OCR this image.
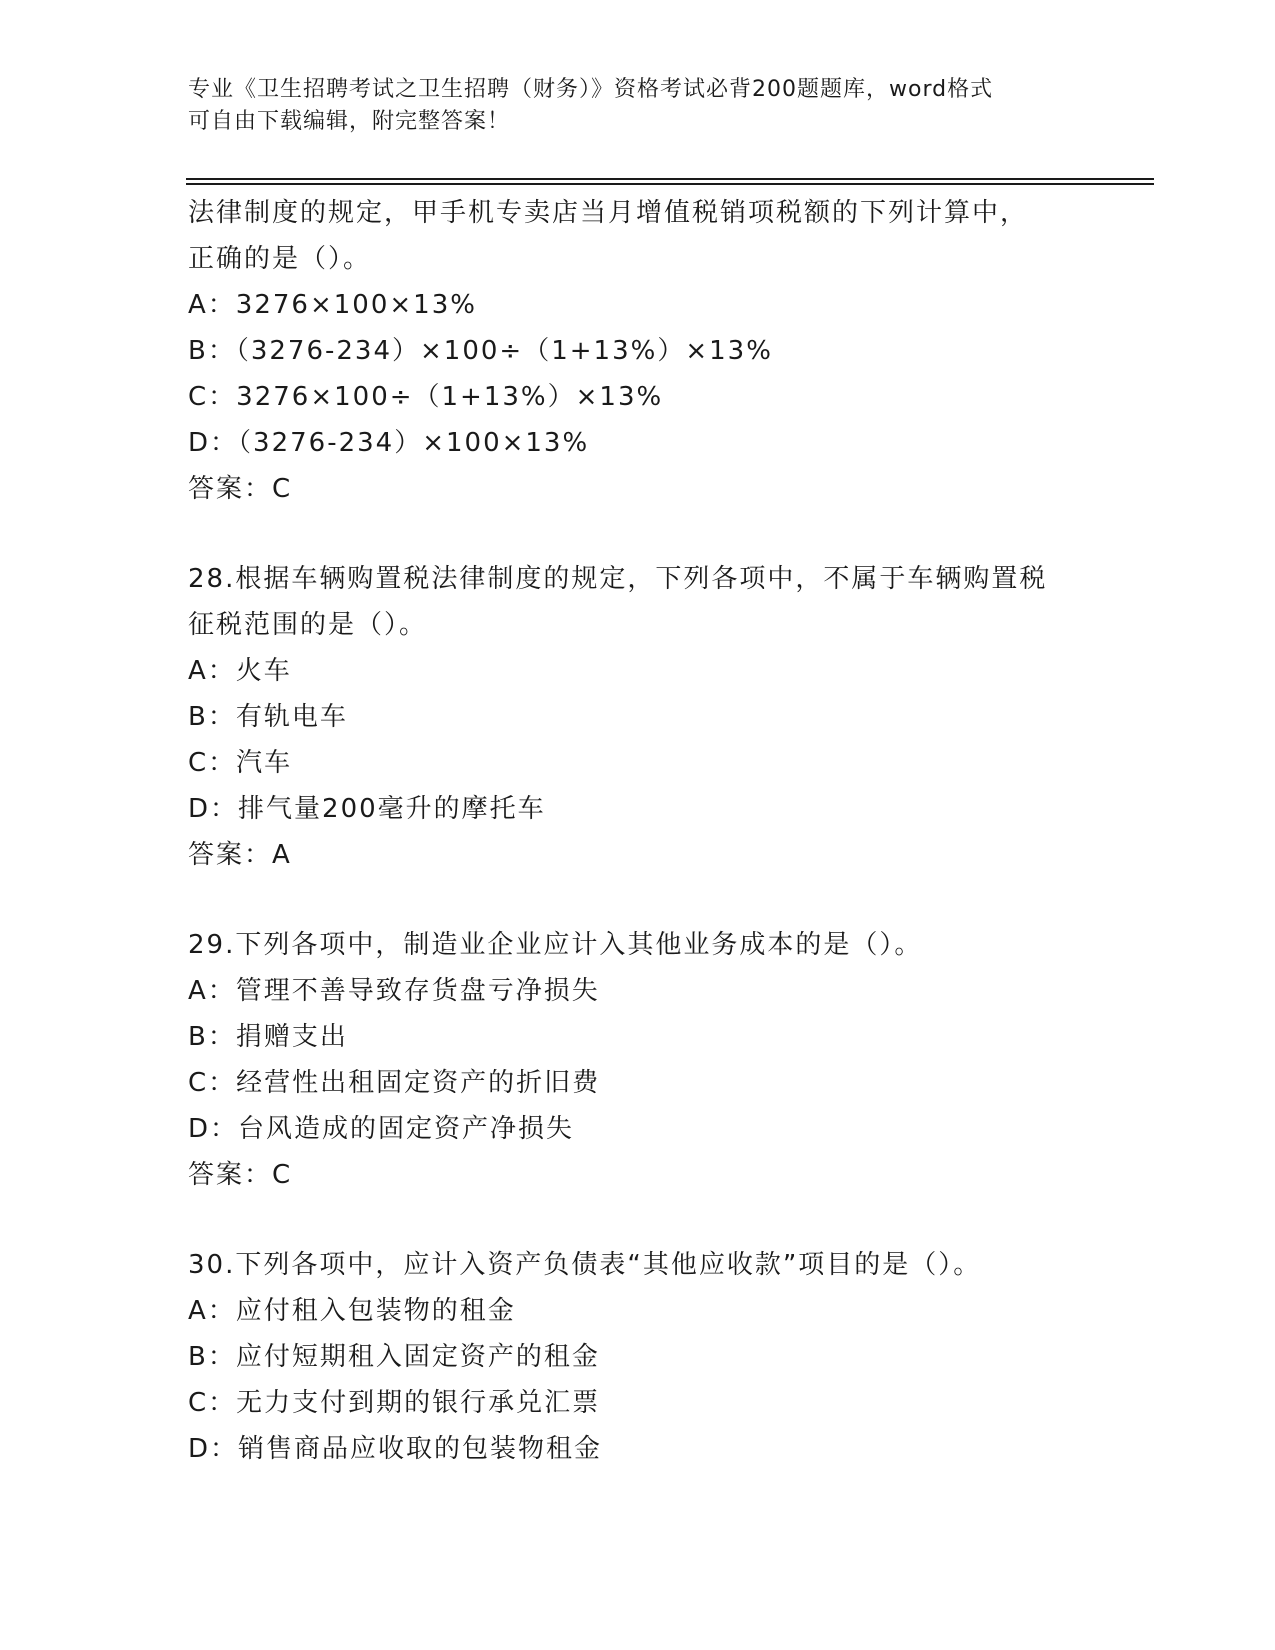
专业《卫生招聘考试之卫生招聘（财务）》资格考试必背200题题库，word格式
可自由下载编辑，附完整答案！
法律制度的规定，甲手机专卖店当月增值税销项税额的下列计算中，
正确的是（）。
A：3276×100×13%
B：（3276-234）×100÷（1+13%）×13%
C：3276×100÷（1+13%）×13%
D：（3276-234）×100×13%
答案：C
28.根据车辆购置税法律制度的规定，下列各项中，不属于车辆购置税
征税范围的是（）。
A：火车
B：有轨电车
C：汽车
D：排气量200毫升的摩托车
答案：A
29.下列各项中，制造业企业应计入其他业务成本的是（）。
A：管理不善导致存货盘亏净损失
B：捐赠支出
C：经营性出租固定资产的折旧费
D：台风造成的固定资产净损失
答案：C
30.下列各项中，应计入资产负债表“其他应收款”项目的是（）。
A：应付租入包装物的租金
B：应付短期租入固定资产的租金
C：无力支付到期的银行承兑汇票
D：销售商品应收取的包装物租金
